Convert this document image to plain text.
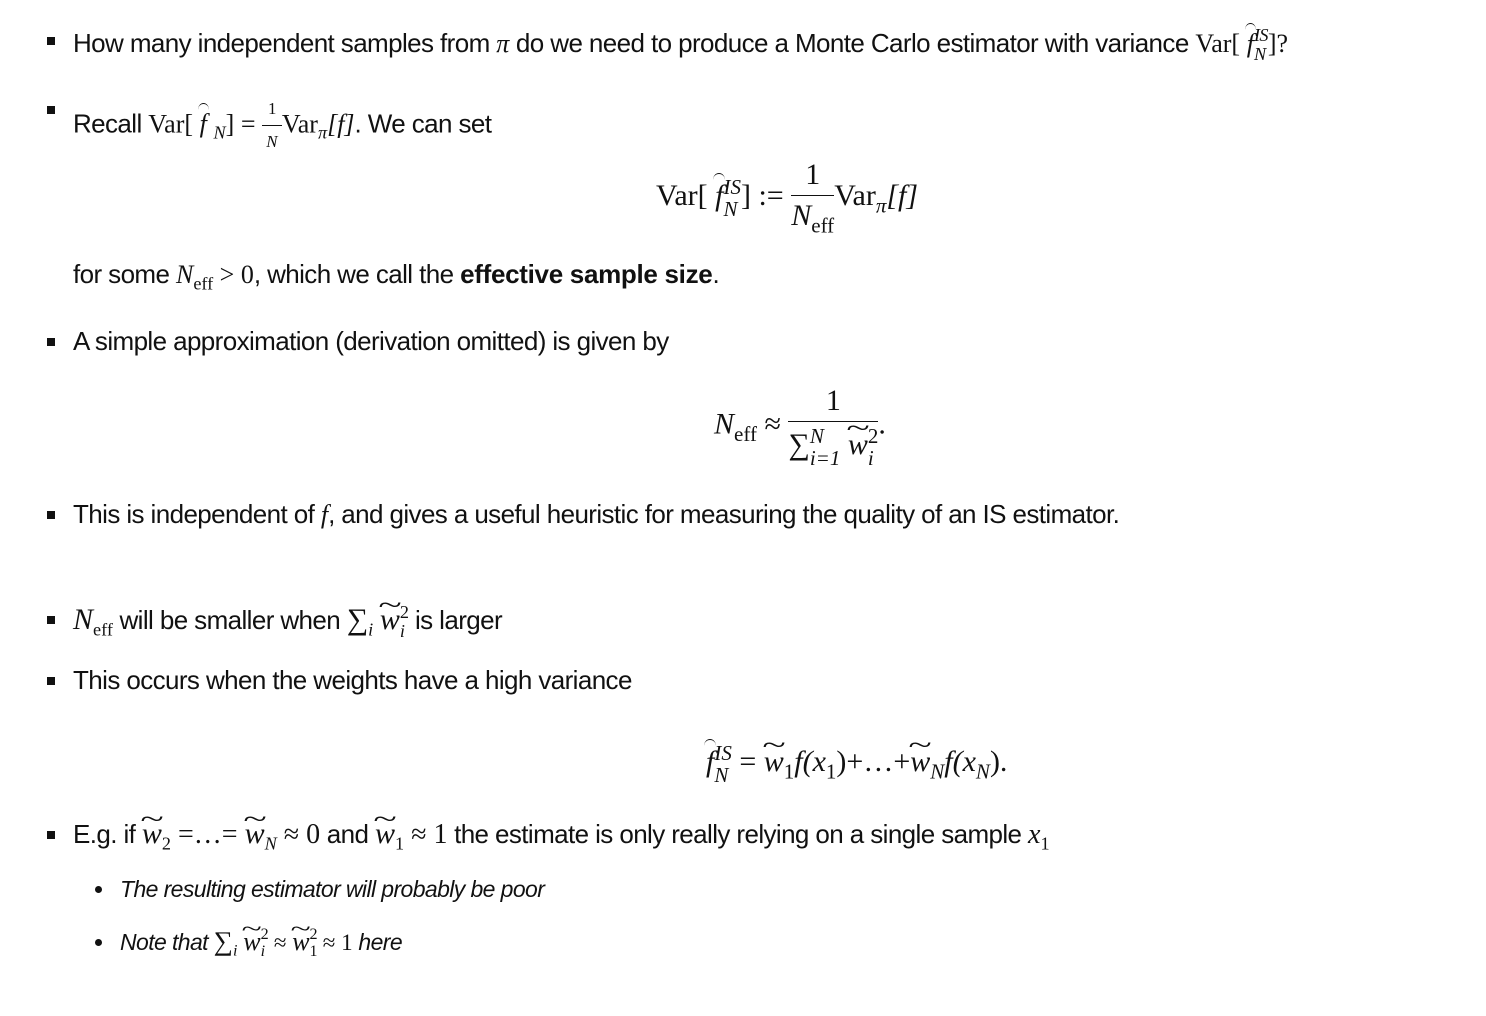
How many independent samples from π do we need to produce a Monte Carlo estimator with variance Var[ f IS
N ]?
Recall Var[ f $_N] = \frac{1}{N} Var_\pi[f]$. We can set
Var[ f IS
N ] := $\frac{1}{N_{eff}} Var_\pi[f]$
for some $N_{eff} > 0$, which we call the effective sample size.
A simple approximation (derivation omitted) is given by
$N_{eff} \approx 1$
∑ N
i=1 ~ w 2
i .
This is independent of f, and gives a useful heuristic for measuring the quality of an IS estimator.
$N_{eff}$ will be smaller when $\sum_i$ ~ w 2
i is larger
This occurs when the weights have a high variance
f IS
N = ~ $w_1f(x_1)+\dots+\sim$ $w_Nf(x_N)$.
E.g. if ~ $w_2$ =…= ~ $w_N \approx 0$ and ~ $w_1 \approx 1$ the estimate is only really relying on a single sample $x_1$
The resulting estimator will probably be poor
Note that $\sum_i$ ~ w 2
i ≈ ~ w 2
1 ≈ 1 here
